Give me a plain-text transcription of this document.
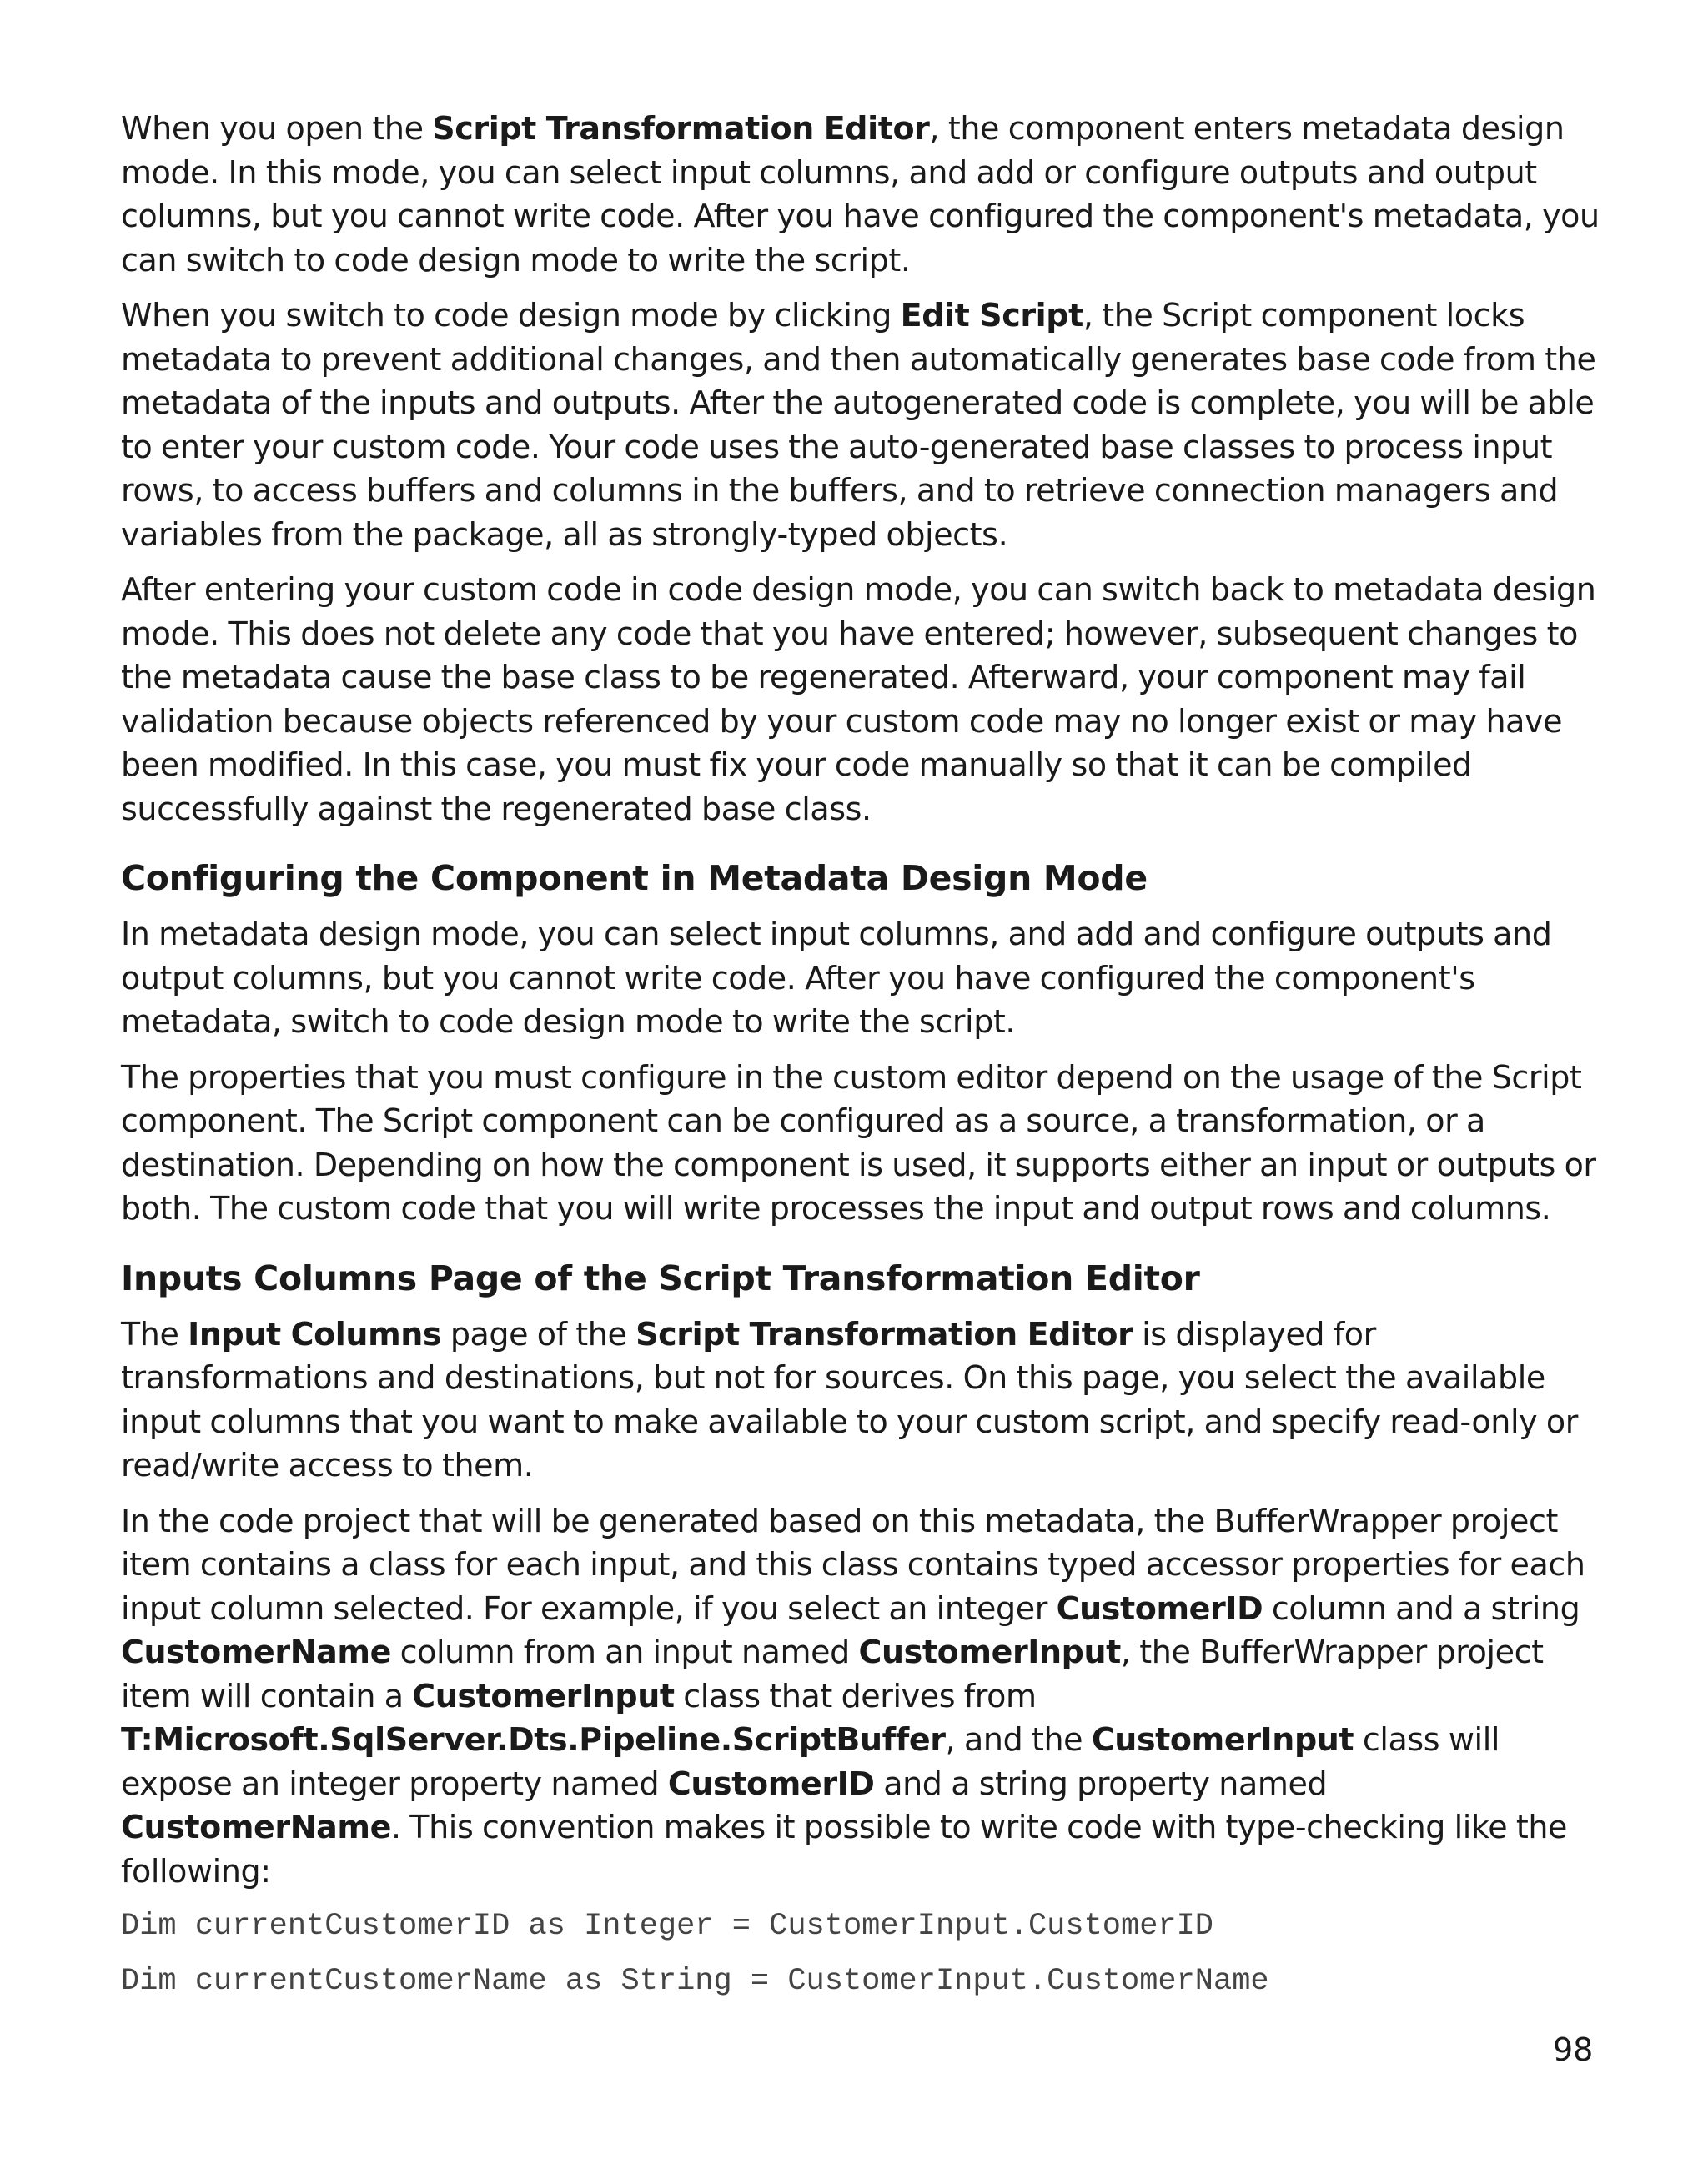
When you open the Script Transformation Editor, the component enters metadata design mode. In this mode, you can select input columns, and add or configure outputs and output columns, but you cannot write code. After you have configured the component's metadata, you can switch to code design mode to write the script.

When you switch to code design mode by clicking Edit Script, the Script component locks metadata to prevent additional changes, and then automatically generates base code from the metadata of the inputs and outputs. After the autogenerated code is complete, you will be able to enter your custom code. Your code uses the auto-generated base classes to process input rows, to access buffers and columns in the buffers, and to retrieve connection managers and variables from the package, all as strongly-typed objects.

After entering your custom code in code design mode, you can switch back to metadata design mode. This does not delete any code that you have entered; however, subsequent changes to the metadata cause the base class to be regenerated. Afterward, your component may fail validation because objects referenced by your custom code may no longer exist or may have been modified. In this case, you must fix your code manually so that it can be compiled successfully against the regenerated base class.

Configuring the Component in Metadata Design Mode

In metadata design mode, you can select input columns, and add and configure outputs and output columns, but you cannot write code. After you have configured the component's metadata, switch to code design mode to write the script.

The properties that you must configure in the custom editor depend on the usage of the Script component. The Script component can be configured as a source, a transformation, or a destination. Depending on how the component is used, it supports either an input or outputs or both. The custom code that you will write processes the input and output rows and columns.

Inputs Columns Page of the Script Transformation Editor

The Input Columns page of the Script Transformation Editor is displayed for transformations and destinations, but not for sources. On this page, you select the available input columns that you want to make available to your custom script, and specify read-only or read/write access to them.

In the code project that will be generated based on this metadata, the BufferWrapper project item contains a class for each input, and this class contains typed accessor properties for each input column selected. For example, if you select an integer CustomerID column and a string CustomerName column from an input named CustomerInput, the BufferWrapper project item will contain a CustomerInput class that derives from T:Microsoft.SqlServer.Dts.Pipeline.ScriptBuffer, and the CustomerInput class will expose an integer property named CustomerID and a string property named CustomerName. This convention makes it possible to write code with type-checking like the following:

Dim currentCustomerID as Integer = CustomerInput.CustomerID
Dim currentCustomerName as String = CustomerInput.CustomerName
98
